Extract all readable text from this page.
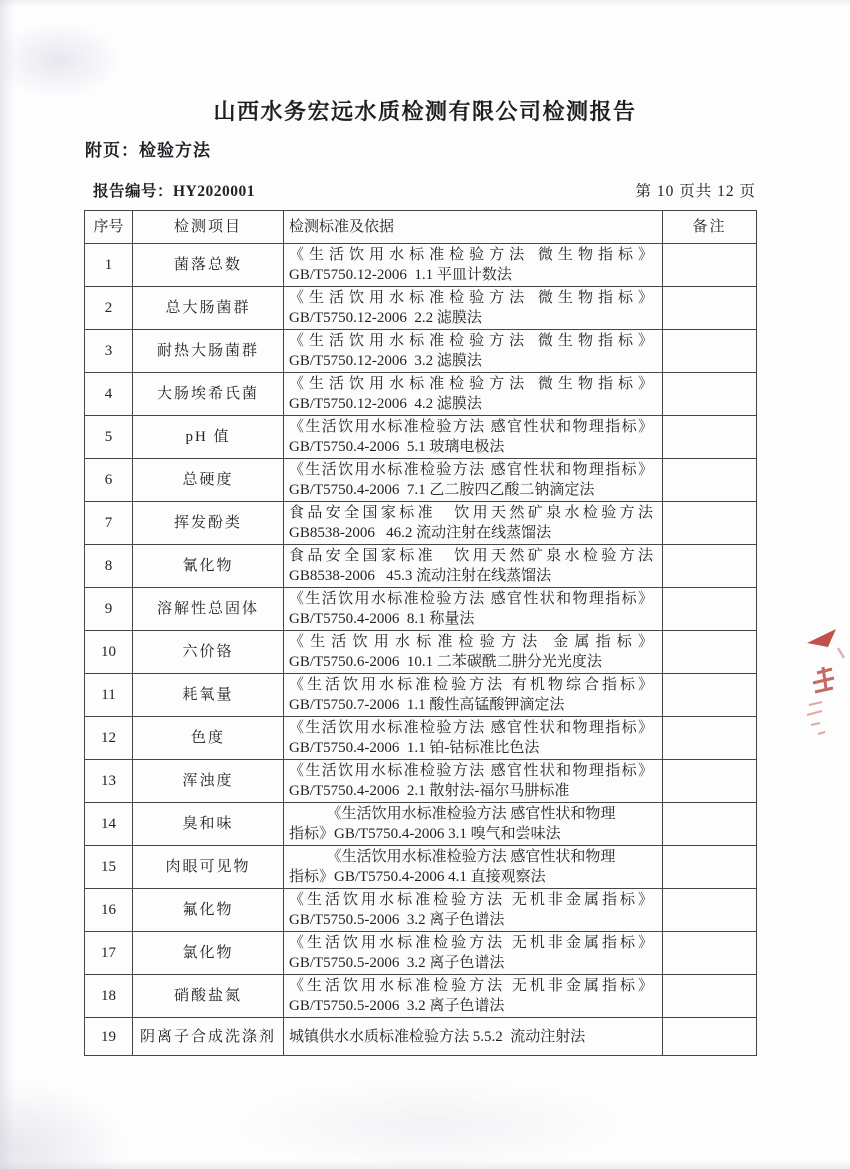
山西水务宏远水质检测有限公司检测报告
附页：检验方法
报告编号：HY2020001	第 10 页共 12 页
序号	检测项目	检测标准及依据	备注
1	菌落总数	《生活饮用水标准检验方法 微生物指标》
GB/T5750.12-2006  1.1 平皿计数法	

2	总大肠菌群	《生活饮用水标准检验方法 微生物指标》
GB/T5750.12-2006  2.2 滤膜法	

3	耐热大肠菌群	《生活饮用水标准检验方法 微生物指标》
GB/T5750.12-2006  3.2 滤膜法	

4	大肠埃希氏菌	《生活饮用水标准检验方法 微生物指标》
GB/T5750.12-2006  4.2 滤膜法	

5	pH 值	《生活饮用水标准检验方法 感官性状和物理指标》
GB/T5750.4-2006  5.1 玻璃电极法	

6	总硬度	《生活饮用水标准检验方法 感官性状和物理指标》
GB/T5750.4-2006  7.1 乙二胺四乙酸二钠滴定法	

7	挥发酚类	食品安全国家标准　饮用天然矿泉水检验方法
GB8538-2006   46.2 流动注射在线蒸馏法	

8	氰化物	食品安全国家标准　饮用天然矿泉水检验方法
GB8538-2006   45.3 流动注射在线蒸馏法	

9	溶解性总固体	《生活饮用水标准检验方法 感官性状和物理指标》
GB/T5750.4-2006  8.1 称量法	

10	六价铬	《生活饮用水标准检验方法 金属指标》
GB/T5750.6-2006  10.1 二苯碳酰二肼分光光度法	

11	耗氧量	《生活饮用水标准检验方法 有机物综合指标》
GB/T5750.7-2006  1.1 酸性高锰酸钾滴定法	

12	色度	《生活饮用水标准检验方法 感官性状和物理指标》
GB/T5750.4-2006  1.1 铂-钴标准比色法	

13	浑浊度	《生活饮用水标准检验方法 感官性状和物理指标》
GB/T5750.4-2006  2.1 散射法-福尔马肼标准	

14	臭和味	《生活饮用水标准检验方法 感官性状和物理
指标》GB/T5750.4-2006 3.1 嗅气和尝味法	

15	肉眼可见物	《生活饮用水标准检验方法 感官性状和物理
指标》GB/T5750.4-2006 4.1 直接观察法	

16	氟化物	《生活饮用水标准检验方法 无机非金属指标》
GB/T5750.5-2006  3.2 离子色谱法	

17	氯化物	《生活饮用水标准检验方法 无机非金属指标》
GB/T5750.5-2006  3.2 离子色谱法	

18	硝酸盐氮	《生活饮用水标准检验方法 无机非金属指标》
GB/T5750.5-2006  3.2 离子色谱法	

19	阴离子合成洗涤剂	城镇供水水质标准检验方法 5.5.2  流动注射法	
